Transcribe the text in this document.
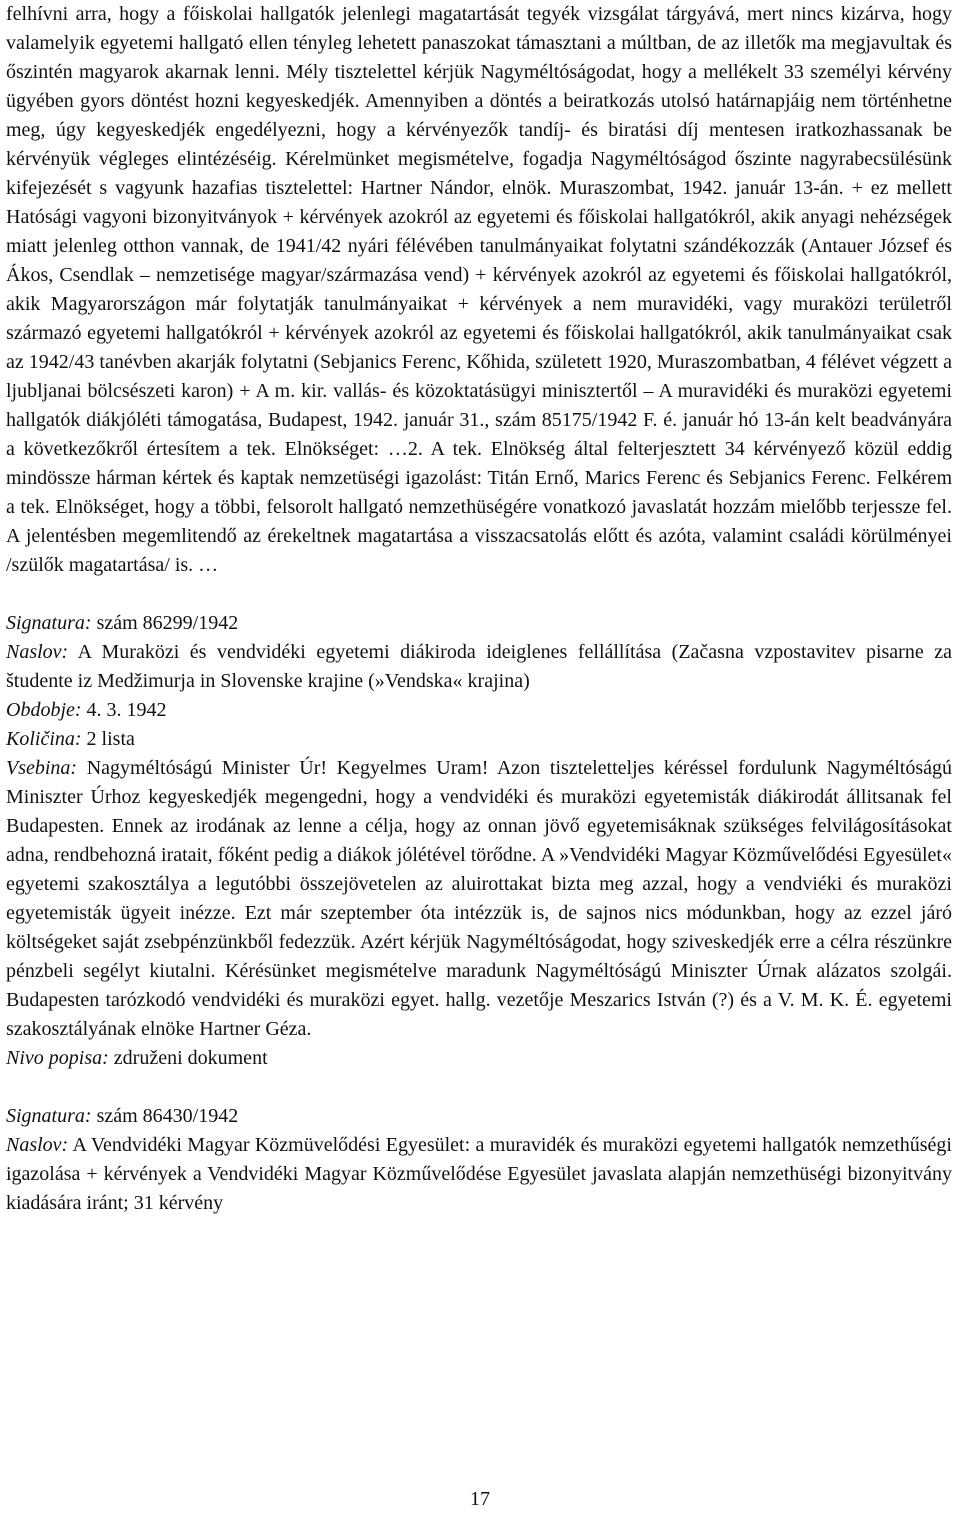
felhívni arra, hogy a főiskolai hallgatók jelenlegi magatartását tegyék vizsgálat tárgyává, mert nincs kizárva, hogy valamelyik egyetemi hallgató ellen tényleg lehetett panaszokat támasztani a múltban, de az illetők ma megjavultak és őszintén magyarok akarnak lenni. Mély tisztelettel kérjük Nagyméltóságodat, hogy a mellékelt 33 személyi kérvény ügyében gyors döntést hozni kegyeskedjék. Amennyiben a döntés a beiratkozás utolsó határnapjáig nem történhetne meg, úgy kegyeskedjék engedélyezni, hogy a kérvényezők tandíj- és biratási díj mentesen iratkozhassanak be kérvényük végleges elintézéséig. Kérelmünket megismételve, fogadja Nagyméltóságod őszinte nagyrabecsülésünk kifejezését s vagyunk hazafias tisztelettel: Hartner Nándor, elnök. Muraszombat, 1942. január 13-án. + ez mellett Hatósági vagyoni bizonyitványok + kérvények azokról az egyetemi és főiskolai hallgatókról, akik anyagi nehézségek miatt jelenleg otthon vannak, de 1941/42 nyári félévében tanulmányaikat folytatni szándékozzák (Antauer József és Ákos, Csendlak – nemzetisége magyar/származása vend) + kérvények azokról az egyetemi és főiskolai hallgatókról, akik Magyarországon már folytatják tanulmányaikat + kérvények a nem muravidéki, vagy muraközi területről származó egyetemi hallgatókról + kérvények azokról az egyetemi és főiskolai hallgatókról, akik tanulmányaikat csak az 1942/43 tanévben akarják folytatni (Sebjanics Ferenc, Kőhida, született 1920, Muraszombatban, 4 félévet végzett a ljubljanai bölcsészeti karon) + A m. kir. vallás- és közoktatásügyi minisztertől – A muravidéki és muraközi egyetemi hallgatók diákjóléti támogatása, Budapest, 1942. január 31., szám 85175/1942 F. é. január hó 13-án kelt beadványára a következőkről értesítem a tek. Elnökséget: …2. A tek. Elnökség által felterjesztett 34 kérvényező közül eddig mindössze hárman kértek és kaptak nemzetüségi igazolást: Titán Ernő, Marics Ferenc és Sebjanics Ferenc. Felkérem a tek. Elnökséget, hogy a többi, felsorolt hallgató nemzethüségére vonatkozó javaslatát hozzám mielőbb terjessze fel. A jelentésben megemlitendő az érekeltnek magatartása a visszacsatolás előtt és azóta, valamint családi körülményei /szülők magatartása/ is. …

Signatura: szám 86299/1942

Naslov: A Muraközi és vendvidéki egyetemi diákiroda ideiglenes fellállítása (Začasna vzpostavitev pisarne za študente iz Medžimurja in Slovenske krajine (»Vendska« krajina)

Obdobje: 4. 3. 1942

Količina: 2 lista

Vsebina: Nagyméltóságú Minister Úr! Kegyelmes Uram! Azon tiszteletteljes kéréssel fordulunk Nagyméltóságú Miniszter Úrhoz kegyeskedjék megengedni, hogy a vendvidéki és muraközi egyetemisták diákirodát állitsanak fel Budapesten. Ennek az irodának az lenne a célja, hogy az onnan jövő egyetemisáknak szükséges felvilágosításokat adna, rendbehozná iratait, főként pedig a diákok jólétével törődne. A »Vendvidéki Magyar Közművelődési Egyesület« egyetemi szakosztálya a legutóbbi összejövetelen az aluirottakat bizta meg azzal, hogy a vendviéki és muraközi egyetemisták ügyeit inézze. Ezt már szeptember óta intézzük is, de sajnos nics módunkban, hogy az ezzel járó költségeket saját zsebpénzünkből fedezzük. Azért kérjük Nagyméltóságodat, hogy sziveskedjék erre a célra részünkre pénzbeli segélyt kiutalni. Kérésünket megismételve maradunk Nagyméltóságú Miniszter Úrnak alázatos szolgái. Budapesten tarózkodó vendvidéki és muraközi egyet. hallg. vezetője Meszarics István (?) és a V. M. K. É. egyetemi szakosztályának elnöke Hartner Géza.

Nivo popisa: združeni dokument

Signatura: szám 86430/1942

Naslov: A Vendvidéki Magyar Közmüvelődési Egyesület: a muravidék és muraközi egyetemi hallgatók nemzethűségi igazolása + kérvények a Vendvidéki Magyar Közművelődése Egyesület javaslata alapján nemzethüségi bizonyitvány kiadására iránt; 31 kérvény

17
